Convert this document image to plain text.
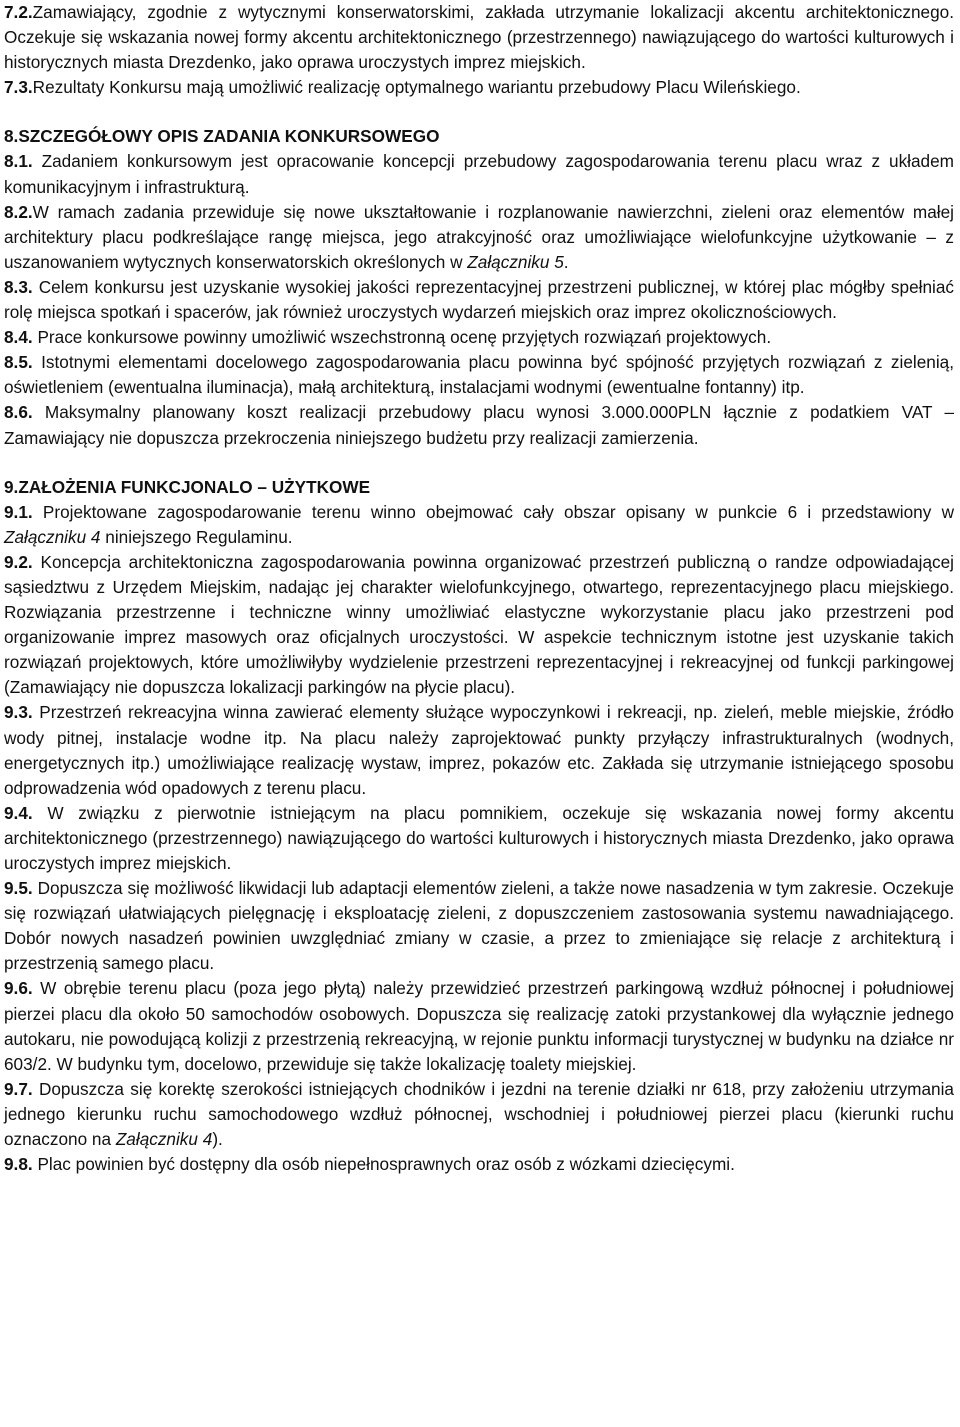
7.2.Zamawiający, zgodnie z wytycznymi konserwatorskimi, zakłada utrzymanie lokalizacji akcentu architektonicznego. Oczekuje się wskazania nowej formy akcentu architektonicznego (przestrzennego) nawiązującego do wartości kulturowych i historycznych miasta Drezdenko, jako oprawa uroczystych imprez miejskich.

7.3.Rezultaty Konkursu mają umożliwić realizację optymalnego wariantu przebudowy Placu Wileńskiego.

8.SZCZEGÓŁOWY OPIS ZADANIA KONKURSOWEGO

8.1. Zadaniem konkursowym jest opracowanie koncepcji przebudowy zagospodarowania terenu placu wraz z układem komunikacyjnym i infrastrukturą.

8.2.W ramach zadania przewiduje się nowe ukształtowanie i rozplanowanie nawierzchni, zieleni oraz elementów małej architektury placu podkreślające rangę miejsca, jego atrakcyjność oraz umożliwiające wielofunkcyjne użytkowanie – z uszanowaniem wytycznych konserwatorskich określonych w Załączniku 5.

8.3. Celem konkursu jest uzyskanie wysokiej jakości reprezentacyjnej przestrzeni publicznej, w której plac mógłby spełniać rolę miejsca spotkań i spacerów, jak również uroczystych wydarzeń miejskich oraz imprez okolicznościowych.

8.4. Prace konkursowe powinny umożliwić wszechstronną ocenę przyjętych rozwiązań projektowych.

8.5. Istotnymi elementami docelowego zagospodarowania placu powinna być spójność przyjętych rozwiązań z zielenią, oświetleniem (ewentualna iluminacja), małą architekturą, instalacjami wodnymi (ewentualne fontanny) itp.

8.6. Maksymalny planowany koszt realizacji przebudowy placu wynosi 3.000.000PLN łącznie z podatkiem VAT – Zamawiający nie dopuszcza przekroczenia niniejszego budżetu przy realizacji zamierzenia.

9.ZAŁOŻENIA FUNKCJONALO – UŻYTKOWE

9.1. Projektowane zagospodarowanie terenu winno obejmować cały obszar opisany w punkcie 6 i przedstawiony w Załączniku 4 niniejszego Regulaminu.

9.2. Koncepcja architektoniczna zagospodarowania powinna organizować przestrzeń publiczną o randze odpowiadającej sąsiedztwu z Urzędem Miejskim, nadając jej charakter wielofunkcyjnego, otwartego, reprezentacyjnego placu miejskiego. Rozwiązania przestrzenne i techniczne winny umożliwiać elastyczne wykorzystanie placu jako przestrzeni pod organizowanie imprez masowych oraz oficjalnych uroczystości. W aspekcie technicznym istotne jest uzyskanie takich rozwiązań projektowych, które umożliwiłyby wydzielenie przestrzeni reprezentacyjnej i rekreacyjnej od funkcji parkingowej (Zamawiający nie dopuszcza lokalizacji parkingów na płycie placu).

9.3. Przestrzeń rekreacyjna winna zawierać elementy służące wypoczynkowi i rekreacji, np. zieleń, meble miejskie, źródło wody pitnej, instalacje wodne itp. Na placu należy zaprojektować punkty przyłączy infrastrukturalnych (wodnych, energetycznych itp.) umożliwiające realizację wystaw, imprez, pokazów etc. Zakłada się utrzymanie istniejącego sposobu odprowadzenia wód opadowych z terenu placu.

9.4. W związku z pierwotnie istniejącym na placu pomnikiem, oczekuje się wskazania nowej formy akcentu architektonicznego (przestrzennego) nawiązującego do wartości kulturowych i historycznych miasta Drezdenko, jako oprawa uroczystych imprez miejskich.

9.5. Dopuszcza się możliwość likwidacji lub adaptacji elementów zieleni, a także nowe nasadzenia w tym zakresie. Oczekuje się rozwiązań ułatwiających pielęgnację i eksploatację zieleni, z dopuszczeniem zastosowania systemu nawadniającego. Dobór nowych nasadzeń powinien uwzględniać zmiany w czasie, a przez to zmieniające się relacje z architekturą i przestrzenią samego placu.

9.6. W obrębie terenu placu (poza jego płytą) należy przewidzieć przestrzeń parkingową wzdłuż północnej i południowej pierzei placu dla około 50 samochodów osobowych. Dopuszcza się realizację zatoki przystankowej dla wyłącznie jednego autokaru, nie powodującą kolizji z przestrzenią rekreacyjną, w rejonie punktu informacji turystycznej w budynku na działce nr 603/2. W budynku tym, docelowo, przewiduje się także lokalizację toalety miejskiej.

9.7. Dopuszcza się korektę szerokości istniejących chodników i jezdni na terenie działki nr 618, przy założeniu utrzymania jednego kierunku ruchu samochodowego wzdłuż północnej, wschodniej i południowej pierzei placu (kierunki ruchu oznaczono na Załączniku 4).

9.8. Plac powinien być dostępny dla osób niepełnosprawnych oraz osób z wózkami dziecięcymi.
